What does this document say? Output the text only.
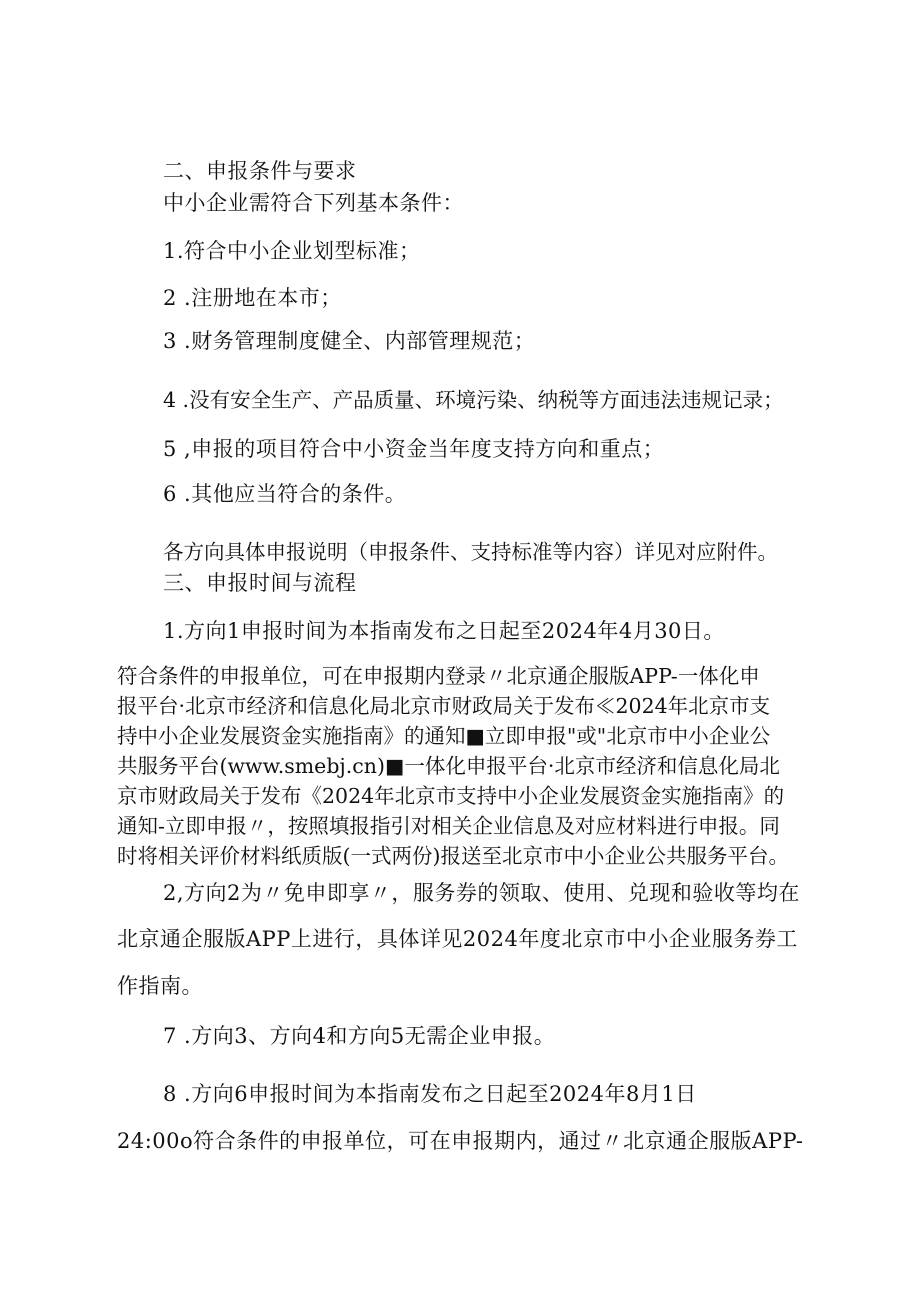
二、申报条件与要求
中小企业需符合下列基本条件：
1.符合中小企业划型标准；
2 .注册地在本市；
3 .财务管理制度健全、内部管理规范；
4 .没有安全生产、产品质量、环境污染、纳税等方面违法违规记录；
5 ,申报的项目符合中小资金当年度支持方向和重点；
6 .其他应当符合的条件。
各方向具体申报说明（申报条件、支持标准等内容）详见对应附件。
三、申报时间与流程
1.方向1申报时间为本指南发布之日起至2024年4月30日。
符合条件的申报单位，可在申报期内登录〃北京通企服版APP-一体化申
报平台·北京市经济和信息化局北京市财政局关于发布≪2024年北京市支
持中小企业发展资金实施指南》的通知■立即申报"或"北京市中小企业公
共服务平台(www.smebj.cn)■一体化申报平台·北京市经济和信息化局北
京市财政局关于发布《2024年北京市支持中小企业发展资金实施指南》的
通知-立即申报〃，按照填报指引对相关企业信息及对应材料进行申报。同
时将相关评价材料纸质版(一式两份)报送至北京市中小企业公共服务平台。
2,方向2为〃免申即享〃，服务券的领取、使用、兑现和验收等均在
北京通企服版APP上进行，具体详见2024年度北京市中小企业服务券工
作指南。
7 .方向3、方向4和方向5无需企业申报。
8 .方向6申报时间为本指南发布之日起至2024年8月1日
24:00o符合条件的申报单位，可在申报期内，通过〃北京通企服版APP-
